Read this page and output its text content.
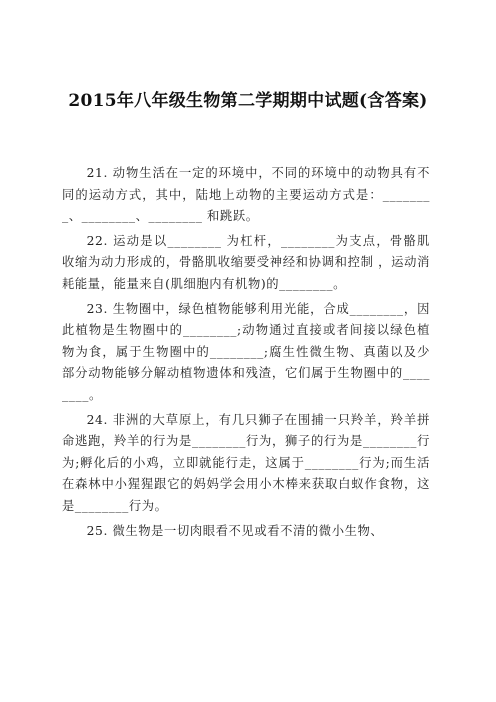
2015年八年级生物第二学期期中试题(含答案)

21. 动物生活在一定的环境中，不同的环境中的动物具有不同的运动方式，其中，陆地上动物的主要运动方式是：________、________、________ 和跳跃。

22. 运动是以________ 为杠杆，________为支点，骨骼肌收缩为动力形成的，骨骼肌收缩要受神经和协调和控制 ，运动消耗能量，能量来自(肌细胞内有机物)的________。

23. 生物圈中，绿色植物能够利用光能，合成________，因此植物是生物圈中的________;动物通过直接或者间接以绿色植物为食，属于生物圈中的________;腐生性微生物、真菌以及少部分动物能够分解动植物遗体和残渣，它们属于生物圈中的________。

24. 非洲的大草原上，有几只狮子在围捕一只羚羊，羚羊拼命逃跑，羚羊的行为是________行为，狮子的行为是________行为;孵化后的小鸡，立即就能行走，这属于________行为;而生活在森林中小猩猩跟它的妈妈学会用小木棒来获取白蚁作食物，这是________行为。

25. 微生物是一切肉眼看不见或看不清的微小生物、
